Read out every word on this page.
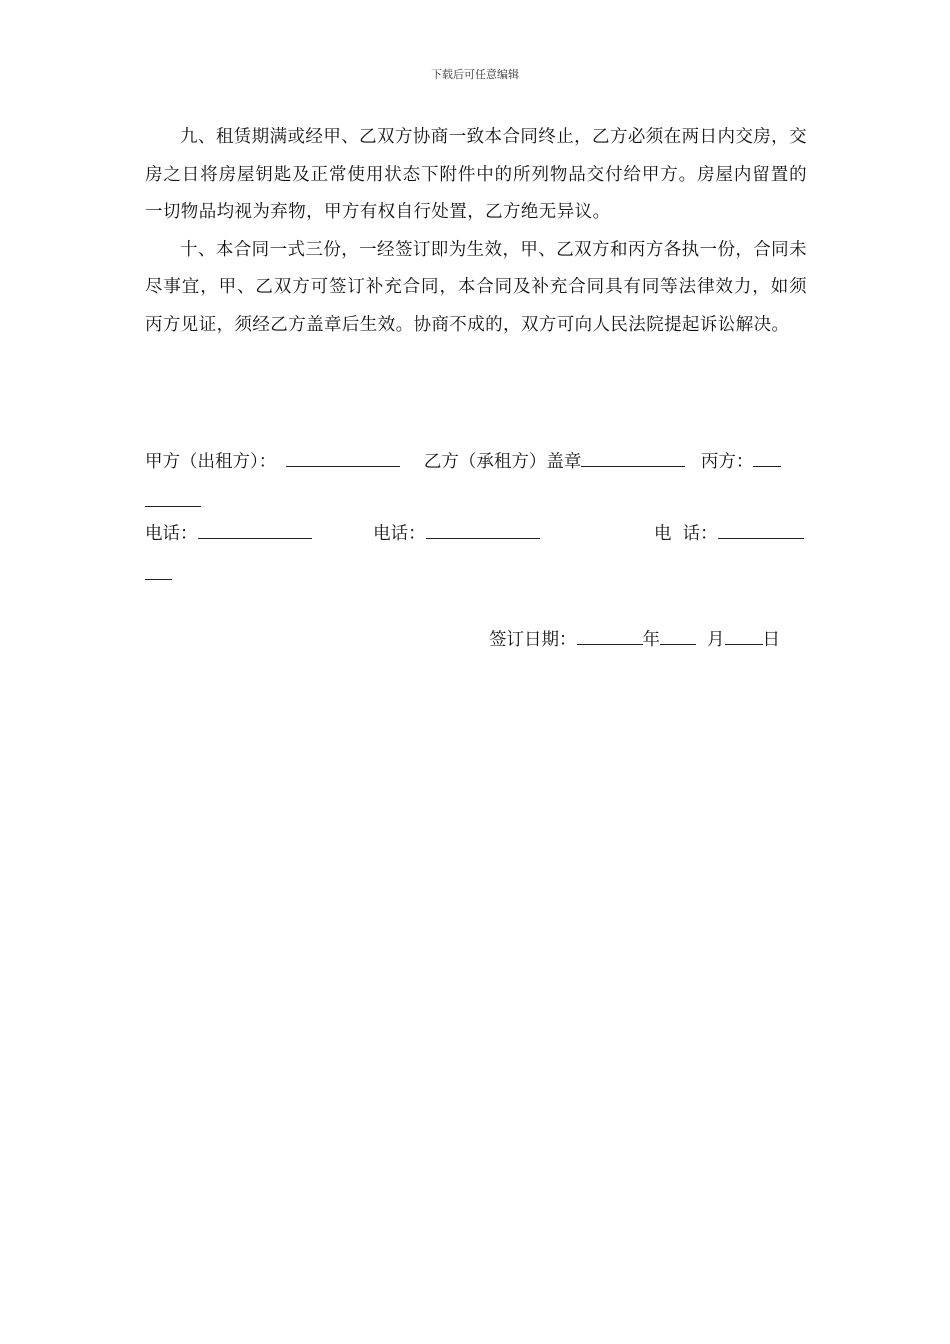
下载后可任意编辑

九、租赁期满或经甲、乙双方协商一致本合同终止，乙方必须在两日内交房，交房之日将房屋钥匙及正常使用状态下附件中的所列物品交付给甲方。房屋内留置的一切物品均视为弃物，甲方有权自行处置，乙方绝无异议。

十、本合同一式三份，一经签订即为生效，甲、乙双方和丙方各执一份，合同未尽事宜，甲、乙双方可签订补充合同，本合同及补充合同具有同等法律效力，如须丙方见证，须经乙方盖章后生效。协商不成的，双方可向人民法院提起诉讼解决。

甲方（出租方）：	乙方（承租方）盖章	丙方：
电话：	电话：	电  话：
签订日期：	年	月 日
